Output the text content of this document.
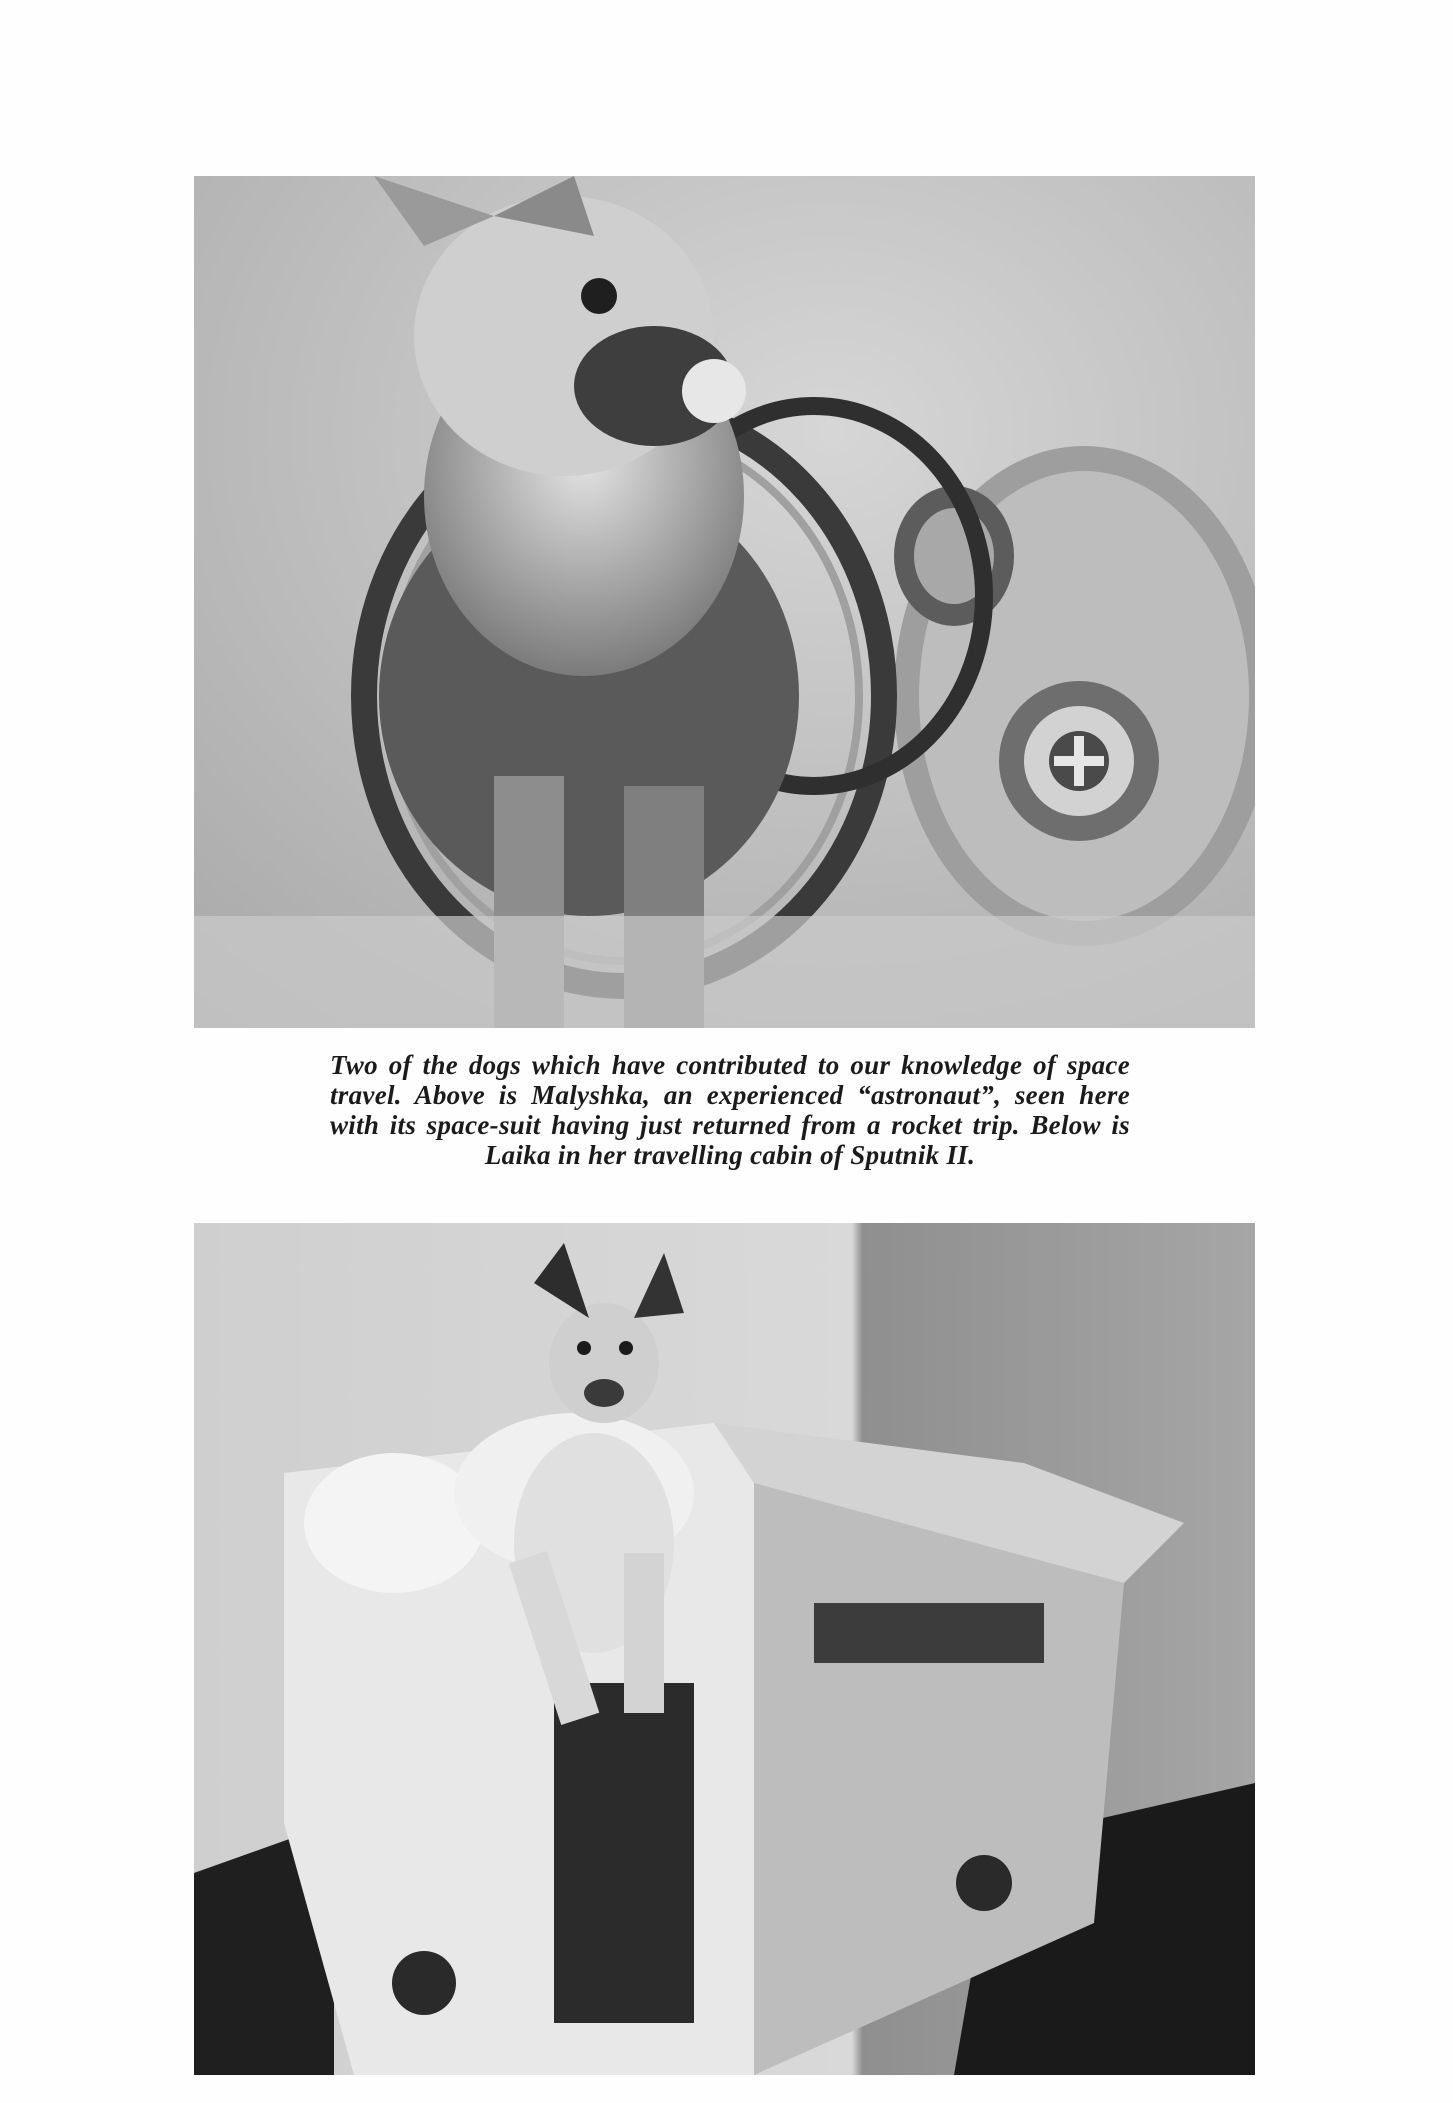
Two of the dogs which have contributed to our knowledge of space travel. Above is Malyshka, an experienced “astronaut”, seen here with its space-suit having just returned from a rocket trip. Below is Laika in her travelling cabin of Sputnik II.
